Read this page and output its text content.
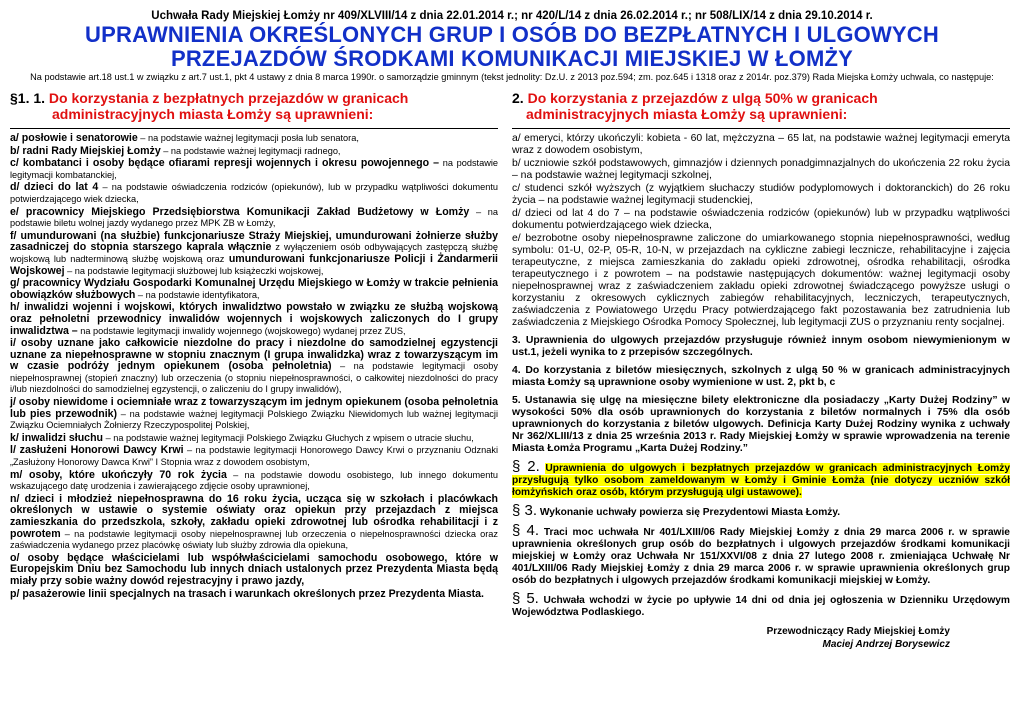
Uchwała Rady Miejskiej Łomży nr 409/XLVIII/14 z dnia 22.01.2014 r.; nr 420/L/14 z dnia 26.02.2014 r.; nr 508/LIX/14 z dnia 29.10.2014 r.
UPRAWNIENIA OKREŚLONYCH GRUP I OSÓB DO BEZPŁATNYCH I ULGOWYCH
PRZEJAZDÓW ŚRODKAMI KOMUNIKACJI MIEJSKIEJ W ŁOMŻY
Na podstawie art.18 ust.1 w związku z art.7 ust.1, pkt 4 ustawy z dnia 8 marca 1990r. o samorządzie gminnym (tekst jednolity: Dz.U. z 2013 poz.594; zm. poz.645 i 1318 oraz z 2014r. poz.379) Rada Miejska Łomży uchwala, co następuje:
§1. 1. Do korzystania z bezpłatnych przejazdów w granicach
administracyjnych miasta Łomży są uprawnieni:
a/ posłowie i senatorowie – na podstawie ważnej legitymacji posła lub senatora,
b/ radni Rady Miejskiej Łomży – na podstawie ważnej legitymacji radnego,
c/ kombatanci i osoby będące ofiarami represji wojennych i okresu powojennego – na podstawie legitymacji kombatanckiej,
d/ dzieci do lat 4 – na podstawie oświadczenia rodziców (opiekunów), lub w przypadku wątpliwości dokumentu potwierdzającego wiek dziecka,
e/ pracownicy Miejskiego Przedsiębiorstwa Komunikacji Zakład Budżetowy w Łomży – na podstawie biletu wolnej jazdy wydanego przez MPK ZB w Łomży,
f/ umundurowani (na służbie) funkcjonariusze Straży Miejskiej, umundurowani żołnierze służby zasadniczej do stopnia starszego kaprala włącznie z wyłączeniem osób odbywających zastępczą służbę wojskową lub nadterminową służbę wojskową oraz umundurowani funkcjonariusze Policji i Żandarmerii Wojskowej – na podstawie legitymacji służbowej lub książeczki wojskowej,
g/ pracownicy Wydziału Gospodarki Komunalnej Urzędu Miejskiego w Łomży w trakcie pełnienia obowiązków służbowych – na podstawie identyfikatora,
h/ inwalidzi wojenni i wojskowi, których inwalidztwo powstało w związku ze służbą wojskową oraz pełnoletni przewodnicy inwalidów wojennych i wojskowych zaliczonych do I grupy inwalidztwa – na podstawie legitymacji inwalidy wojennego (wojskowego) wydanej przez ZUS,
i/ osoby uznane jako całkowicie niezdolne do pracy i niezdolne do samodzielnej egzystencji uznane za niepełnosprawne w stopniu znacznym (I grupa inwalidzka) wraz z towarzyszącym im w czasie podróży jednym opiekunem (osoba pełnoletnia) – na podstawie legitymacji osoby niepełnosprawnej (stopień znaczny) lub orzeczenia (o stopniu niepełnosprawności, o całkowitej niezdolności do pracy i/lub niezdolności do samodzielnej egzystencji, o zaliczeniu do I grupy inwalidów),
j/ osoby niewidome i ociemniałe wraz z towarzyszącym im jednym opiekunem (osoba pełnoletnia lub pies przewodnik) – na podstawie ważnej legitymacji Polskiego Związku Niewidomych lub ważnej legitymacji Związku Ociemniałych Żołnierzy Rzeczypospolitej Polskiej,
k/ inwalidzi słuchu – na podstawie ważnej legitymacji Polskiego Związku Głuchych z wpisem o utracie słuchu,
l/ zasłużeni Honorowi Dawcy Krwi – na podstawie legitymacji Honorowego Dawcy Krwi o przyznaniu Odznaki „Zasłużony Honorowy Dawca Krwi” I Stopnia wraz z dowodem osobistym,
m/ osoby, które ukończyły 70 rok życia – na podstawie dowodu osobistego, lub innego dokumentu wskazującego datę urodzenia i zawierającego zdjęcie osoby uprawnionej,
n/ dzieci i młodzież niepełnosprawna do 16 roku życia, ucząca się w szkołach i placówkach określonych w ustawie o systemie oświaty oraz opiekun przy przejazdach z miejsca zamieszkania do przedszkola, szkoły, zakładu opieki zdrowotnej lub ośrodka rehabilitacji i z powrotem – na podstawie legitymacji osoby niepełnosprawnej lub orzeczenia o niepełnosprawności dziecka oraz zaświadczenia wydanego przez placówkę oświaty lub służby zdrowia dla opiekuna,
o/ osoby będące właścicielami lub współwłaścicielami samochodu osobowego, które w Europejskim Dniu bez Samochodu lub innych dniach ustalonych przez Prezydenta Miasta będą miały przy sobie ważny dowód rejestracyjny i prawo jazdy,
p/ pasażerowie linii specjalnych na trasach i warunkach określonych przez Prezydenta Miasta.
2. Do korzystania z przejazdów z ulgą 50% w granicach
administracyjnych miasta Łomży są uprawnieni:
a/ emeryci, którzy ukończyli: kobieta - 60 lat, mężczyzna – 65 lat, na podstawie ważnej legitymacji emeryta wraz z dowodem osobistym,
b/ uczniowie szkół podstawowych, gimnazjów i dziennych ponadgimnazjalnych do ukończenia 22 roku życia – na podstawie ważnej legitymacji szkolnej,
c/ studenci szkół wyższych (z wyjątkiem słuchaczy studiów podyplomowych i doktoranckich) do 26 roku życia – na podstawie ważnej legitymacji studenckiej,
d/ dzieci od lat 4 do 7 – na podstawie oświadczenia rodziców (opiekunów) lub w przypadku wątpliwości dokumentu potwierdzającego wiek dziecka,
e/ bezrobotne osoby niepełnosprawne zaliczone do umiarkowanego stopnia niepełnosprawności, według symbolu: 01-U, 02-P, 05-R, 10-N, w przejazdach na cykliczne zabiegi lecznicze, rehabilitacyjne i zajęcia terapeutyczne, z miejsca zamieszkania do zakładu opieki zdrowotnej, ośrodka rehabilitacji, ośrodka terapeutycznego i z powrotem – na podstawie następujących dokumentów: ważnej legitymacji osoby niepełnosprawnej wraz z zaświadczeniem zakładu opieki zdrowotnej świadczącego powyższe usługi o korzystaniu z okresowych cyklicznych zabiegów rehabilitacyjnych, leczniczych, terapeutycznych, zaświadczenia z Powiatowego Urzędu Pracy potwierdzającego fakt pozostawania bez zatrudnienia lub zaświadczenia z Miejskiego Ośrodka Pomocy Społecznej, lub legitymacji ZUS o przyznaniu renty socjalnej.
3. Uprawnienia do ulgowych przejazdów przysługuje również innym osobom niewymienionym w ust.1, jeżeli wynika to z przepisów szczególnych.
4. Do korzystania z biletów miesięcznych, szkolnych z ulgą 50 % w granicach administracyjnych miasta Łomży są uprawnione osoby wymienione w ust. 2, pkt b, c
5. Ustanawia się ulgę na miesięczne bilety elektroniczne dla posiadaczy „Karty Dużej Rodziny” w wysokości 50% dla osób uprawnionych do korzystania z biletów normalnych i 75% dla osób uprawnionych do korzystania z biletów ulgowych. Definicja Karty Dużej Rodziny wynika z uchwały Nr 362/XLIII/13 z dnia 25 września 2013 r. Rady Miejskiej Łomży w sprawie wprowadzenia na terenie Miasta Łomża Programu „Karta Dużej Rodziny.”
§ 2. Uprawnienia do ulgowych i bezpłatnych przejazdów w granicach administracyjnych Łomży przysługują tylko osobom zameldowanym w Łomży i Gminie Łomża (nie dotyczy uczniów szkół łomżyńskich oraz osób, którym przysługują ulgi ustawowe).
§ 3. Wykonanie uchwały powierza się Prezydentowi Miasta Łomży.
§ 4. Traci moc uchwała Nr 401/LXIII/06 Rady Miejskiej Łomży z dnia 29 marca 2006 r. w sprawie uprawnienia określonych grup osób do bezpłatnych i ulgowych przejazdów środkami komunikacji miejskiej w Łomży oraz Uchwała Nr 151/XXVI/08 z dnia 27 lutego 2008 r. zmieniająca Uchwałę Nr 401/LXIII/06 Rady Miejskiej Łomży z dnia 29 marca 2006 r. w sprawie uprawnienia określonych grup osób do bezpłatnych i ulgowych przejazdów środkami komunikacji miejskiej w Łomży.
§ 5. Uchwała wchodzi w życie po upływie 14 dni od dnia jej ogłoszenia w Dzienniku Urzędowym Województwa Podlaskiego.
Przewodniczący Rady Miejskiej Łomży
Maciej Andrzej Borysewicz
